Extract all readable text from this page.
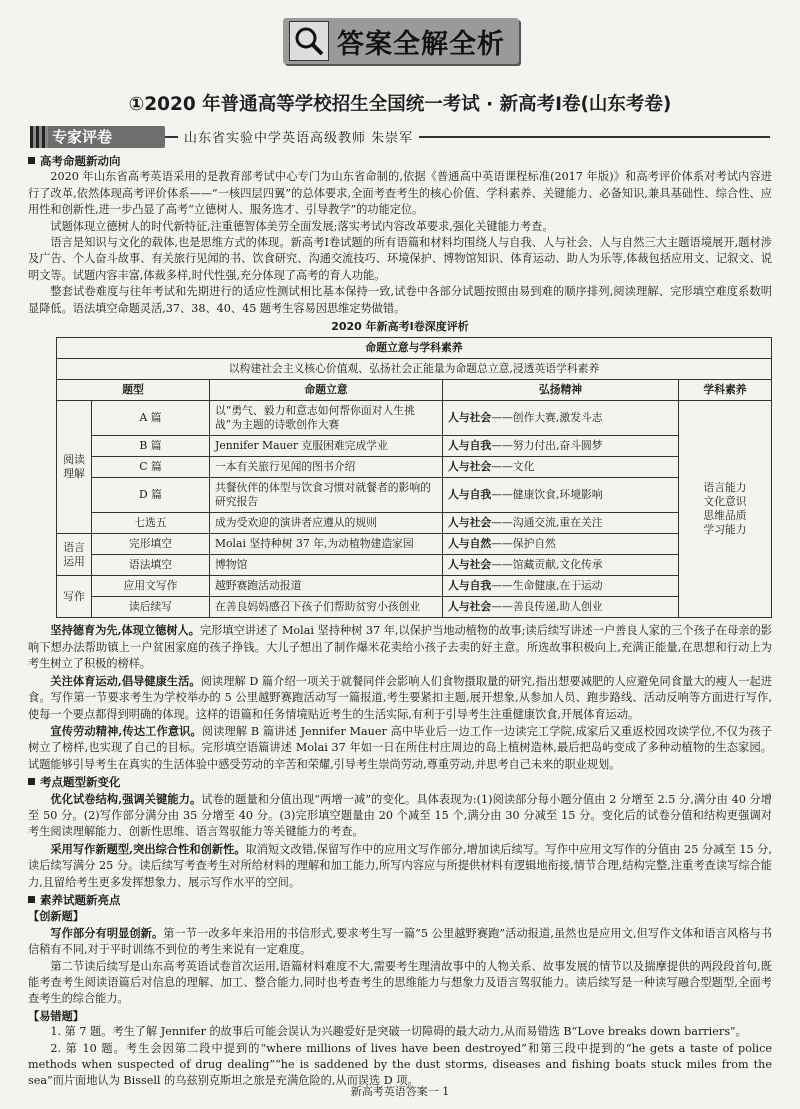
答案全解全析
①2020 年普通高等学校招生全国统一考试 · 新高考Ⅰ卷(山东考卷)
专家评卷	山东省实验中学英语高级教师 朱崇军
高考命题新动向

2020 年山东省高考英语采用的是教育部考试中心专门为山东省命制的,依据《普通高中英语课程标准(2017 年版)》和高考评价体系对考试内容进行了改革,依然体现高考评价体系——“一核四层四翼”的总体要求,全面考查考生的核心价值、学科素养、关键能力、必备知识,兼具基础性、综合性、应用性和创新性,进一步凸显了高考“立德树人、服务选才、引导教学”的功能定位。

试题体现立德树人的时代新特征,注重德智体美劳全面发展;落实考试内容改革要求,强化关键能力考查。

语言是知识与文化的载体,也是思维方式的体现。新高考Ⅰ卷试题的所有语篇和材料均围绕人与自我、人与社会、人与自然三大主题语境展开,题材涉及广告、个人奋斗故事、有关旅行见闻的书、饮食研究、沟通交流技巧、环境保护、博物馆知识、体育运动、助人为乐等,体裁包括应用文、记叙文、说明文等。试题内容丰富,体裁多样,时代性强,充分体现了高考的育人功能。

整套试卷难度与往年考试和先期进行的适应性测试相比基本保持一致,试卷中各部分试题按照由易到难的顺序排列,阅读理解、完形填空难度系数明显降低。语法填空命题灵活,37、38、40、45 题考生容易因思维定势做错。

2020 年新高考Ⅰ卷深度评析
命题立意与学科素养				
以构建社会主义核心价值观、弘扬社会正能量为命题总立意,浸透英语学科素养				
题型		命题立意	弘扬精神	学科素养
阅读理解	A 篇	以“勇气、毅力和意志如何帮你面对人生挑战”为主题的诗歌创作大赛	人与社会——创作大赛,激发斗志	语言能力
文化意识
思维品质
学习能力

	B 篇	Jennifer Mauer 克服困难完成学业	人与自我——努力付出,奋斗圆梦	
	C 篇	一本有关旅行见闻的图书介绍	人与社会——文化	
	D 篇	共餐伙伴的体型与饮食习惯对就餐者的影响的研究报告	人与自我——健康饮食,环境影响	
	七选五	成为受欢迎的演讲者应遵从的规则	人与社会——沟通交流,重在关注	
语言运用	完形填空	Molai 坚持种树 37 年,为动植物建造家园	人与自然——保护自然	
	语法填空	博物馆	人与社会——馆藏贡献,文化传承	
写作	应用文写作	越野赛跑活动报道	人与自我——生命健康,在于运动	
	读后续写	在善良妈妈感召下孩子们帮助贫穷小孩创业	人与社会——善良传递,助人创业	

坚持德育为先,体现立德树人。完形填空讲述了 Molai 坚持种树 37 年,以保护当地动植物的故事;读后续写讲述一户善良人家的三个孩子在母亲的影响下想办法帮助镇上一户贫困家庭的孩子挣钱。大儿子想出了制作爆米花卖给小孩子去卖的好主意。所选故事积极向上,充满正能量,在思想和行动上为考生树立了积极的榜样。

关注体育运动,倡导健康生活。阅读理解 D 篇介绍一项关于就餐同伴会影响人们食物摄取量的研究,指出想要减肥的人应避免同食量大的瘦人一起进食。写作第一节要求考生为学校举办的 5 公里越野赛跑活动写一篇报道,考生要紧扣主题,展开想象,从参加人员、跑步路线、活动反响等方面进行写作,使每一个要点都得到明确的体现。这样的语篇和任务情境贴近考生的生活实际,有利于引导考生注重健康饮食,开展体育运动。

宣传劳动精神,传达工作意识。阅读理解 B 篇讲述 Jennifer Mauer 高中毕业后一边工作一边读完工学院,成家后又重返校园攻读学位,不仅为孩子树立了榜样,也实现了自己的目标。完形填空语篇讲述 Molai 37 年如一日在所住村庄周边的岛上植树造林,最后把岛屿变成了多种动植物的生态家园。试题能够引导考生在真实的生活体验中感受劳动的辛苦和荣耀,引导考生崇尚劳动,尊重劳动,并思考自己未来的职业规划。

考点题型新变化

优化试卷结构,强调关键能力。试卷的题量和分值出现“两增一减”的变化。具体表现为:(1)阅读部分每小题分值由 2 分增至 2.5 分,满分由 40 分增至 50 分。(2)写作部分满分由 35 分增至 40 分。(3)完形填空题量由 20 个减至 15 个,满分由 30 分减至 15 分。变化后的试卷分值和结构更强调对考生阅读理解能力、创新性思维、语言驾驭能力等关键能力的考查。

采用写作新题型,突出综合性和创新性。取消短文改错,保留写作中的应用文写作部分,增加读后续写。写作中应用文写作的分值由 25 分减至 15 分,读后续写满分 25 分。读后续写考查考生对所给材料的理解和加工能力,所写内容应与所提供材料有逻辑地衔接,情节合理,结构完整,注重考查读写综合能力,且留给考生更多发挥想象力、展示写作水平的空间。

素养试题新亮点
【创新题】

写作部分有明显创新。第一节一改多年来沿用的书信形式,要求考生写一篇“5 公里越野赛跑”活动报道,虽然也是应用文,但写作文体和语言风格与书信稍有不同,对于平时训练不到位的考生来说有一定难度。

第二节读后续写是山东高考英语试卷首次运用,语篇材料难度不大,需要考生理清故事中的人物关系、故事发展的情节以及揣摩提供的两段段首句,既能考查考生阅读语篇后对信息的理解、加工、整合能力,同时也考查考生的思维能力与想象力及语言驾驭能力。读后续写是一种读写融合型题型,全面考查考生的综合能力。

【易错题】

1. 第 7 题。考生了解 Jennifer 的故事后可能会误认为兴趣爱好是突破一切障碍的最大动力,从而易错选 B“Love breaks down barriers”。

2. 第 10 题。考生会因第二段中提到的“where millions of lives have been destroyed”和第三段中提到的“he gets a taste of police methods when suspected of drug dealing”“he is saddened by the dust storms, diseases and fishing boats stuck miles from the sea”而片面地认为 Bissell 的乌兹别克斯坦之旅是充满危险的,从而误选 D 项。

新高考英语答案一 1
